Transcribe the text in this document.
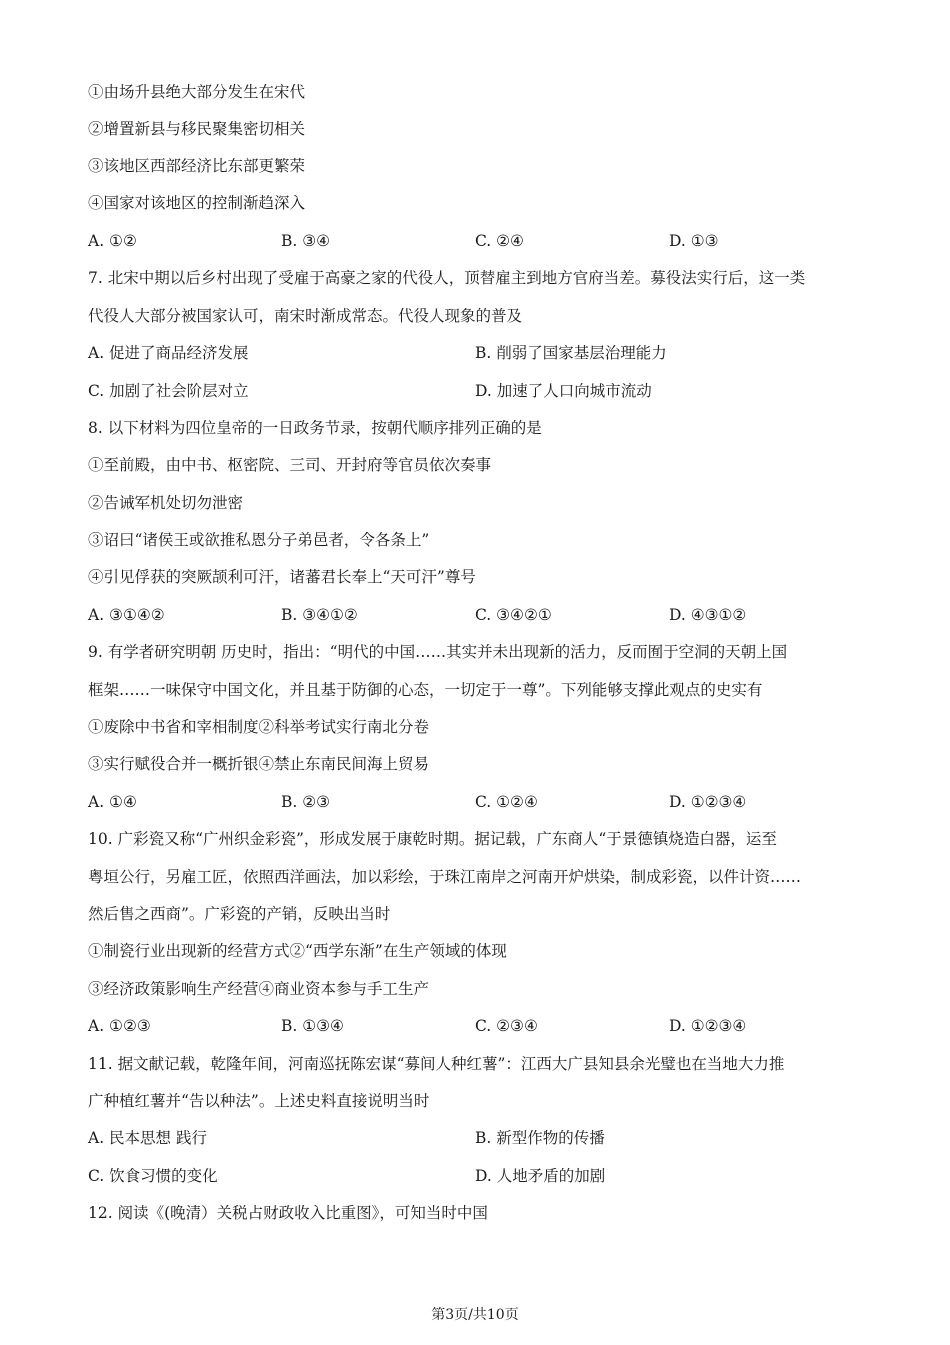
①由场升县绝大部分发生在宋代
②增置新县与移民聚集密切相关
③该地区西部经济比东部更繁荣
④国家对该地区的控制渐趋深入
A. ①②	B. ③④	C. ②④	D. ①③
7. 北宋中期以后乡村出现了受雇于高豪之家的代役人，顶替雇主到地方官府当差。募役法实行后，这一类
代役人大部分被国家认可，南宋时渐成常态。代役人现象的普及
A. 促进了商品经济发展	B. 削弱了国家基层治理能力
C. 加剧了社会阶层对立	D. 加速了人口向城市流动
8. 以下材料为四位皇帝的一日政务节录，按朝代顺序排列正确的是
①至前殿，由中书、枢密院、三司、开封府等官员依次奏事
②告诫军机处切勿泄密
③诏曰“诸侯王或欲推私恩分子弟邑者，令各条上”
④引见俘获的突厥颉利可汗，诸蕃君长奉上“天可汗”尊号
A. ③①④②	B. ③④①②	C. ③④②①	D. ④③①②
9. 有学者研究明朝 历史时，指出：“明代的中国……其实并未出现新的活力，反而囿于空洞的天朝上国
框架……一味保守中国文化，并且基于防御的心态，一切定于一尊”。下列能够支撑此观点的史实有
①废除中书省和宰相制度②科举考试实行南北分卷
③实行赋役合并一概折银④禁止东南民间海上贸易
A. ①④	B. ②③	C. ①②④	D. ①②③④
10. 广彩瓷又称“广州织金彩瓷”，形成发展于康乾时期。据记载，广东商人“于景德镇烧造白器，运至
粤垣公行，另雇工匠，依照西洋画法，加以彩绘，于珠江南岸之河南开炉烘染，制成彩瓷，以件计资……
然后售之西商”。广彩瓷的产销，反映出当时
①制瓷行业出现新的经营方式②“西学东渐”在生产领域的体现
③经济政策影响生产经营④商业资本参与手工生产
A. ①②③	B. ①③④	C. ②③④	D. ①②③④
11. 据文献记载，乾隆年间，河南巡抚陈宏谋“募间人种红薯”：江西大广县知县余光璧也在当地大力推
广种植红薯并“告以种法”。上述史料直接说明当时
A. 民本思想 践行	B. 新型作物的传播
C. 饮食习惯的变化	D. 人地矛盾的加剧
12. 阅读《(晚清）关税占财政收入比重图》，可知当时中国
第3页/共10页
